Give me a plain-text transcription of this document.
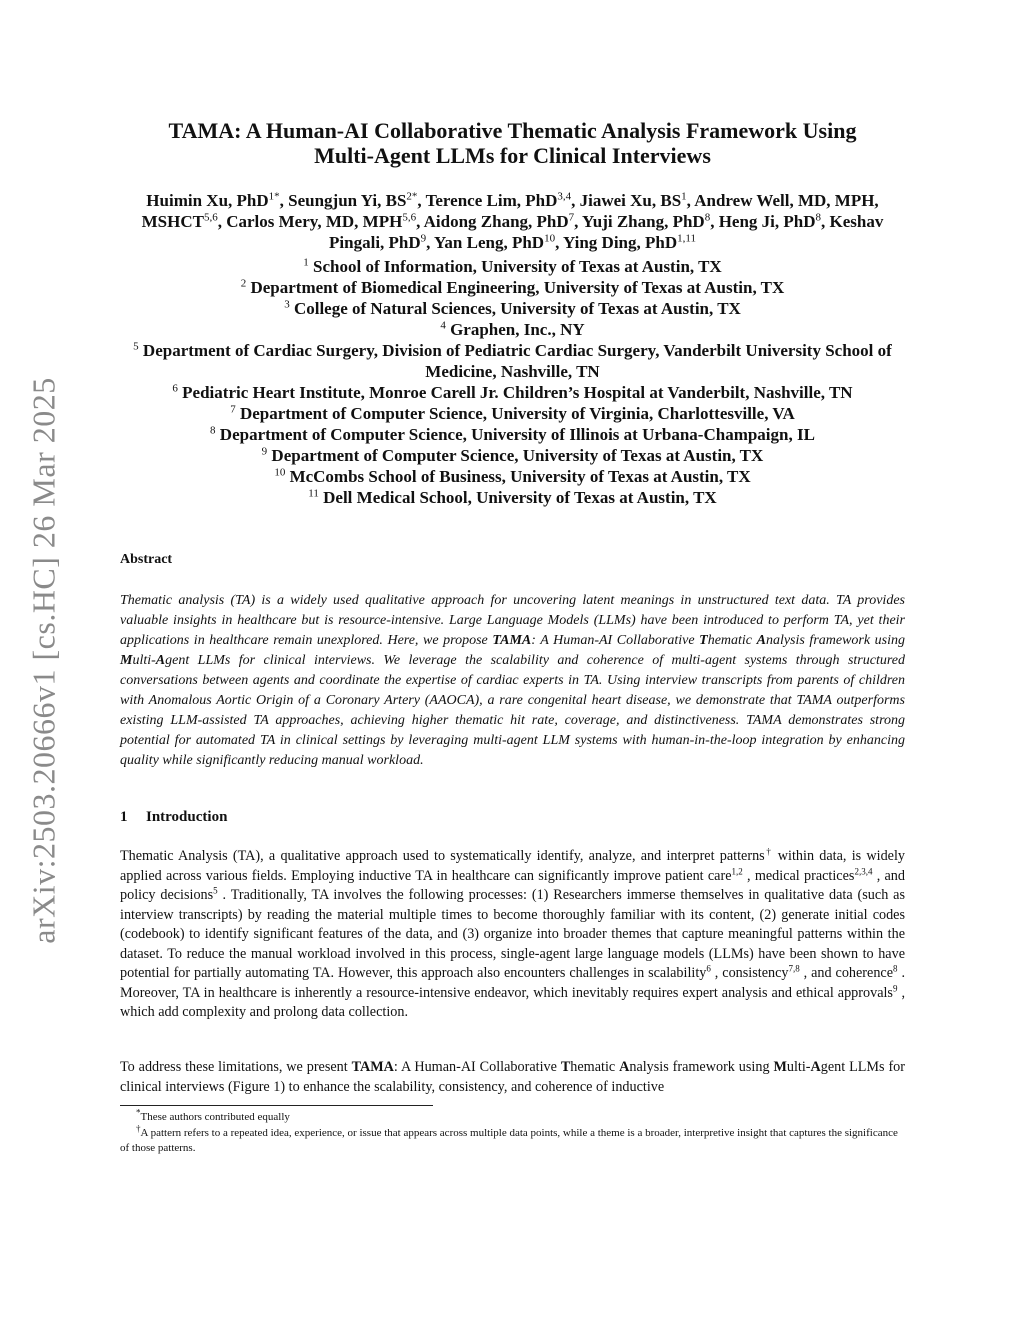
arXiv:2503.20666v1 [cs.HC] 26 Mar 2025
TAMA: A Human-AI Collaborative Thematic Analysis Framework Using
Multi-Agent LLMs for Clinical Interviews
Huimin Xu, PhD$^{1*}$, Seungjun Yi, $BS^{2*}$, Terence Lim, PhD$^{3,4}$, Jiawei Xu, $BS^1$, Andrew Well, MD, MPH, MSHCT$^{5,6}$, Carlos Mery, MD, MPH$^{5,6}$, Aidong Zhang, PhD$^7$, Yuji Zhang, PhD$^8$, Heng Ji, PhD$^8$, Keshav Pingali, PhD$^9$, Yan Leng, PhD$^{10}$, Ying Ding, PhD$^{1,11}$

$^1$ School of Information, University of Texas at Austin, TX

$^2$ Department of Biomedical Engineering, University of Texas at Austin, TX

$^3$ College of Natural Sciences, University of Texas at Austin, TX

$^4$ Graphen, Inc., NY

$^5$ Department of Cardiac Surgery, Division of Pediatric Cardiac Surgery, Vanderbilt University School of Medicine, Nashville, TN

$^6$ Pediatric Heart Institute, Monroe Carell Jr. Children’s Hospital at Vanderbilt, Nashville, TN

$^7$ Department of Computer Science, University of Virginia, Charlottesville, VA

$^8$ Department of Computer Science, University of Illinois at Urbana-Champaign, IL

$^9$ Department of Computer Science, University of Texas at Austin, TX

$^{10}$ McCombs School of Business, University of Texas at Austin, TX

$^{11}$ Dell Medical School, University of Texas at Austin, TX

Abstract
Thematic analysis (TA) is a widely used qualitative approach for uncovering latent meanings in unstructured text data. TA provides valuable insights in healthcare but is resource-intensive. Large Language Models (LLMs) have been introduced to perform TA, yet their applications in healthcare remain unexplored. Here, we propose TAMA: A Human-AI Collaborative Thematic Analysis framework using Multi-Agent LLMs for clinical interviews. We leverage the scalability and coherence of multi-agent systems through structured conversations between agents and coordinate the expertise of cardiac experts in TA. Using interview transcripts from parents of children with Anomalous Aortic Origin of a Coronary Artery (AAOCA), a rare congenital heart disease, we demonstrate that TAMA outperforms existing LLM-assisted TA approaches, achieving higher thematic hit rate, coverage, and distinctiveness. TAMA demonstrates strong potential for automated TA in clinical settings by leveraging multi-agent LLM systems with human-in-the-loop integration by enhancing quality while significantly reducing manual workload.
1 Introduction
Thematic Analysis (TA), a qualitative approach used to systematically identify, analyze, and interpret patterns† within data, is widely applied across various fields. Employing inductive TA in healthcare can significantly improve patient care$^{1,2}$ , medical practices$^{2,3,4}$ , and policy decisions$^5$ . Traditionally, TA involves the following processes: (1) Researchers immerse themselves in qualitative data (such as interview transcripts) by reading the material multiple times to become thoroughly familiar with its content, (2) generate initial codes (codebook) to identify significant features of the data, and (3) organize into broader themes that capture meaningful patterns within the dataset. To reduce the manual workload involved in this process, single-agent large language models (LLMs) have been shown to have potential for partially automating TA. However, this approach also encounters challenges in scalability$^6$ , consistency$^{7,8}$ , and coherence$^8$ . Moreover, TA in healthcare is inherently a resource-intensive endeavor, which inevitably requires expert analysis and ethical approvals$^9$ , which add complexity and prolong data collection.
To address these limitations, we present TAMA: A Human-AI Collaborative Thematic Analysis framework using Multi-Agent LLMs for clinical interviews (Figure 1) to enhance the scalability, consistency, and coherence of inductive
*These authors contributed equally
†A pattern refers to a repeated idea, experience, or issue that appears across multiple data points, while a theme is a broader, interpretive insight that captures the significance of those patterns.
